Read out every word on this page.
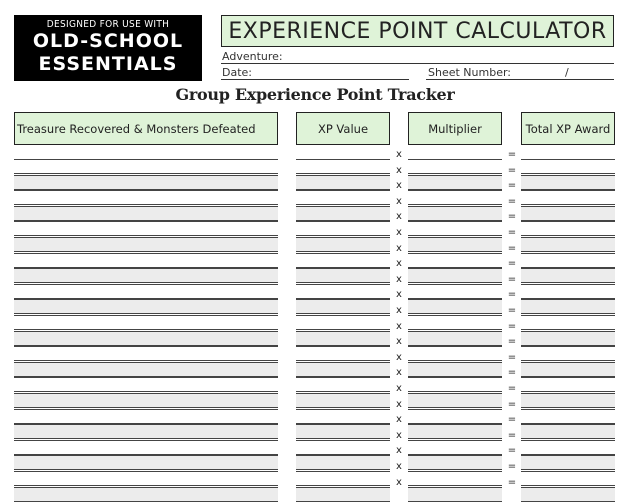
DESIGNED FOR USE WITH
OLD-SCHOOL
ESSENTIALS
EXPERIENCE POINT CALCULATOR
Adventure:
Date:	Sheet Number:	/
Group Experience Point Tracker
Treasure Recovered & Monsters Defeated	XP Value	Multiplier	Total XP Award
x	=
x	=
x	=
x	=
x	=
x	=
x	=
x	=
x	=
x	=
x	=
x	=
x	=
x	=
x	=
x	=
x	=
x	=
x	=
x	=
x	=
x	=
